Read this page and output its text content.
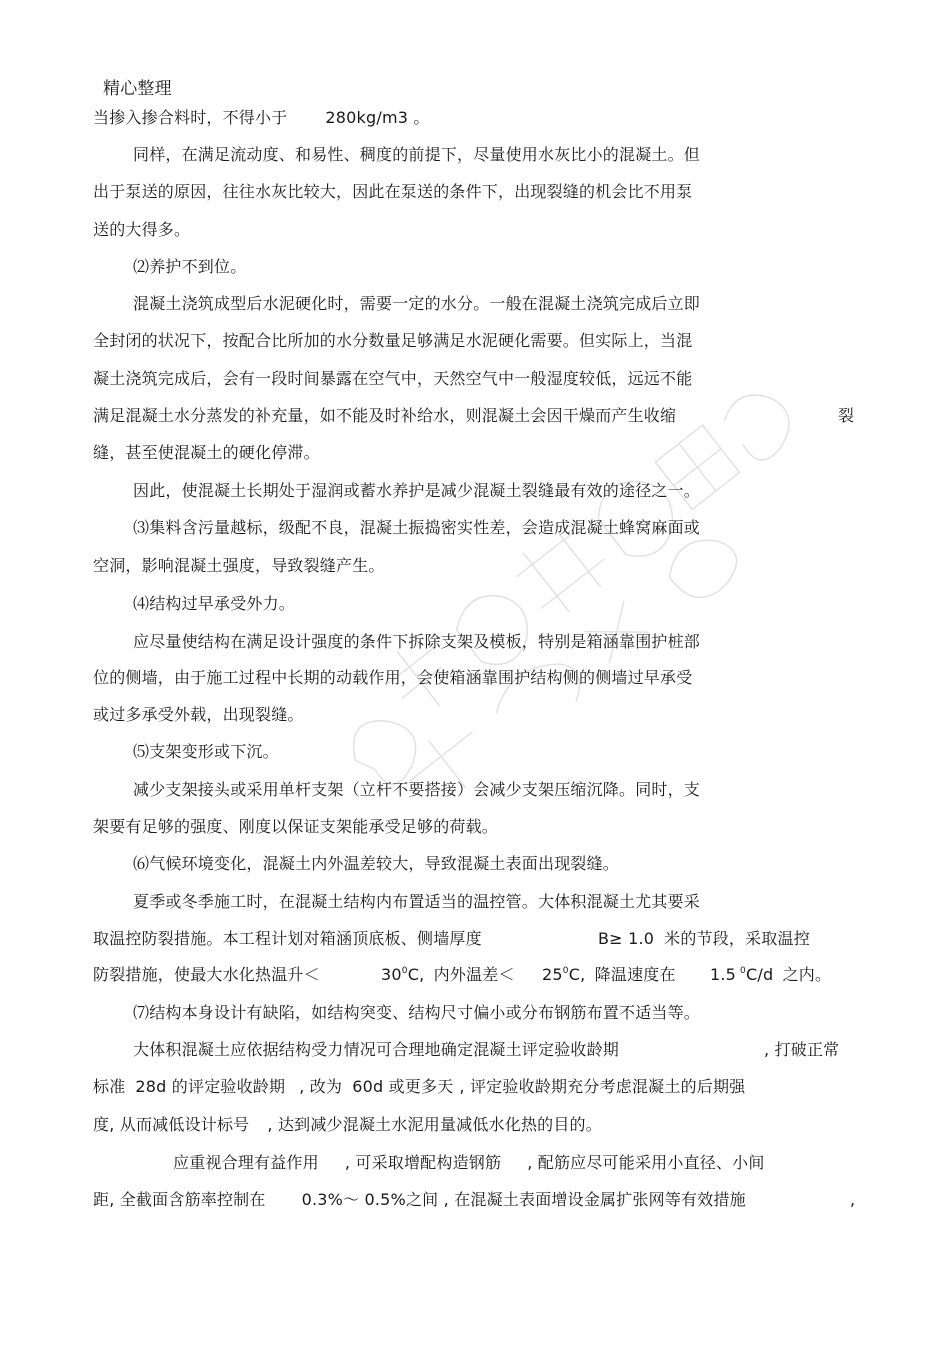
精心整理
当掺入掺合料时，不得小于 280kg/m3 。
同样，在满足流动度、和易性、稠度的前提下，尽量使用水灰比小的混凝土。但
出于泵送的原因，往往水灰比较大，因此在泵送的条件下，出现裂缝的机会比不用泵
送的大得多。
⑵养护不到位。
混凝土浇筑成型后水泥硬化时，需要一定的水分。一般在混凝土浇筑完成后立即
全封闭的状况下，按配合比所加的水分数量足够满足水泥硬化需要。但实际上，当混
凝土浇筑完成后，会有一段时间暴露在空气中，天然空气中一般湿度较低，远远不能
满足混凝土水分蒸发的补充量，如不能及时补给水，则混凝土会因干燥而产生收缩	裂
缝，甚至使混凝土的硬化停滞。
因此，使混凝土长期处于湿润或蓄水养护是减少混凝土裂缝最有效的途径之一。
⑶集料含污量越标，级配不良，混凝土振捣密实性差，会造成混凝土蜂窝麻面或
空洞，影响混凝土强度，导致裂缝产生。
⑷结构过早承受外力。
应尽量使结构在满足设计强度的条件下拆除支架及模板，特别是箱涵靠围护桩部
位的侧墙，由于施工过程中长期的动载作用，会使箱涵靠围护结构侧的侧墙过早承受
或过多承受外载，出现裂缝。
⑸支架变形或下沉。
减少支架接头或采用单杆支架（立杆不要搭接）会减少支架压缩沉降。同时，支
架要有足够的强度、刚度以保证支架能承受足够的荷载。
⑹气候环境变化，混凝土内外温差较大，导致混凝土表面出现裂缝。
夏季或冬季施工时，在混凝土结构内布置适当的温控管。大体积混凝土尤其要采
取温控防裂措施。本工程计划对箱涵顶底板、侧墙厚度	B≥ 1.0 米的节段，采取温控
防裂措施，使最大水化热温升＜	$30^0C$, 内外温差＜ $25^0C$, 降温速度在 1.5 $^0$C/d 之内。
⑺结构本身设计有缺陷，如结构突变、结构尺寸偏小或分布钢筋布置不适当等。
大体积混凝土应依据结构受力情况可合理地确定混凝土评定验收龄期	, 打破正常
标准 28d 的评定验收龄期 , 改为 60d 或更多天 , 评定验收龄期充分考虑混凝土的后期强
度, 从而减低设计标号 , 达到减少混凝土水泥用量减低水化热的目的。
应重视合理有益作用 , 可采取增配构造钢筋 , 配筋应尽可能采用小直径、小间
距, 全截面含筋率控制在 0.3%～ 0.5%之间 , 在混凝土表面增设金属扩张网等有效措施	,
